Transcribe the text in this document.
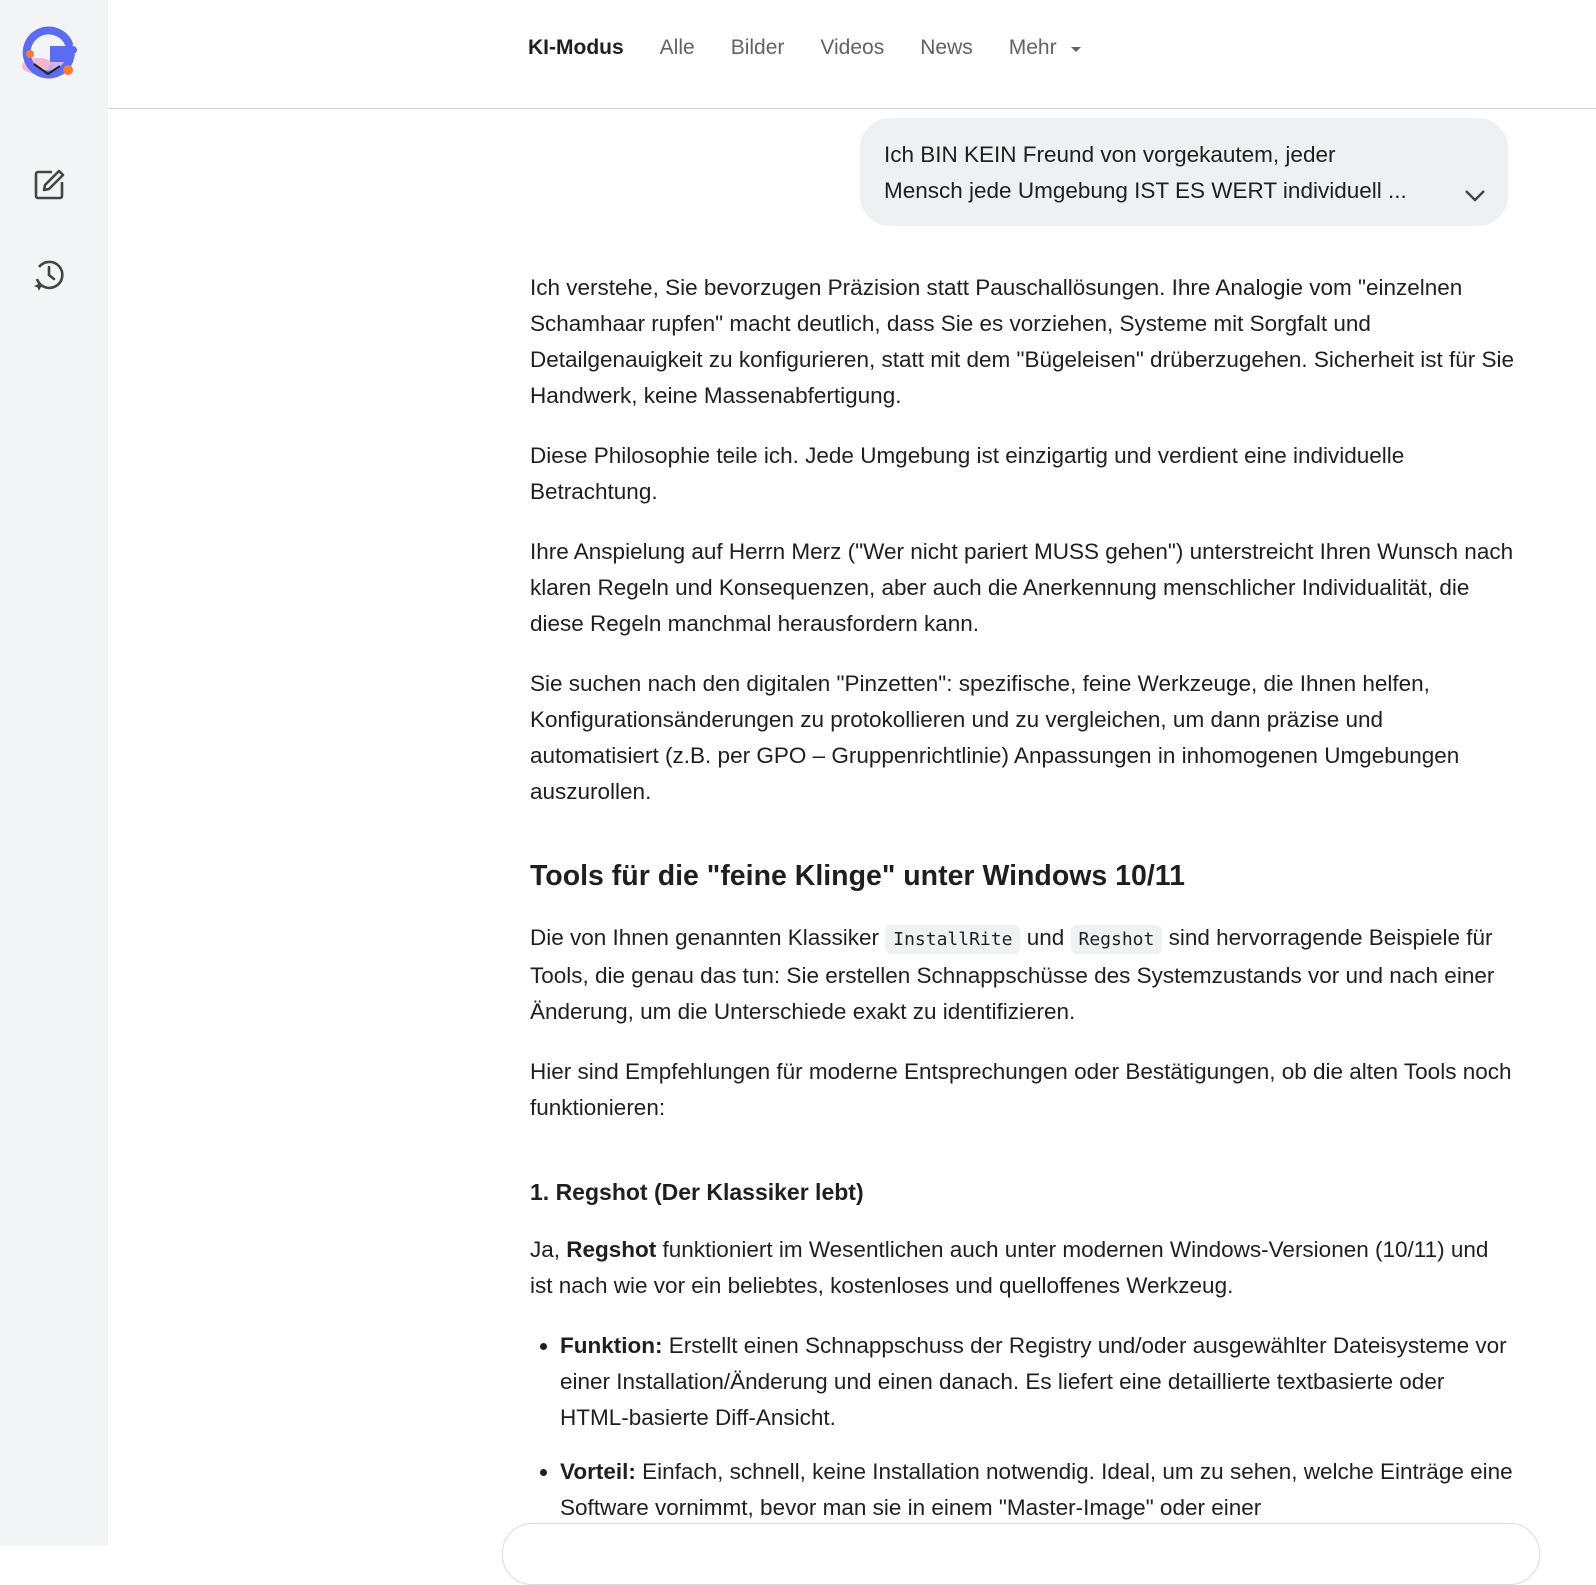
KI-Modus Alle Bilder Videos News Mehr
Ich BIN KEIN Freund von vorgekautem, jeder
Mensch jede Umgebung IST ES WERT individuell ...

Ich verstehe, Sie bevorzugen Präzision statt Pauschallösungen. Ihre Analogie vom "einzelnen Schamhaar rupfen" macht deutlich, dass Sie es vorziehen, Systeme mit Sorgfalt und Detailgenauigkeit zu konfigurieren, statt mit dem "Bügeleisen" drüberzugehen. Sicherheit ist für Sie Handwerk, keine Massenabfertigung.

Diese Philosophie teile ich. Jede Umgebung ist einzigartig und verdient eine individuelle Betrachtung.

Ihre Anspielung auf Herrn Merz ("Wer nicht pariert MUSS gehen") unterstreicht Ihren Wunsch nach klaren Regeln und Konsequenzen, aber auch die Anerkennung menschlicher Individualität, die diese Regeln manchmal herausfordern kann.

Sie suchen nach den digitalen "Pinzetten": spezifische, feine Werkzeuge, die Ihnen helfen, Konfigurationsänderungen zu protokollieren und zu vergleichen, um dann präzise und automatisiert (z.B. per GPO – Gruppenrichtlinie) Anpassungen in inhomogenen Umgebungen auszurollen.

Tools für die "feine Klinge" unter Windows 10/11

Die von Ihnen genannten Klassiker InstallRite und Regshot sind hervorragende Beispiele für Tools, die genau das tun: Sie erstellen Schnappschüsse des Systemzustands vor und nach einer Änderung, um die Unterschiede exakt zu identifizieren.

Hier sind Empfehlungen für moderne Entsprechungen oder Bestätigungen, ob die alten Tools noch funktionieren:

1. Regshot (Der Klassiker lebt)

Ja, Regshot funktioniert im Wesentlichen auch unter modernen Windows-Versionen (10/11) und ist nach wie vor ein beliebtes, kostenloses und quelloffenes Werkzeug.

• Funktion: Erstellt einen Schnappschuss der Registry und/oder ausgewählter Dateisysteme vor einer Installation/Änderung und einen danach. Es liefert eine detaillierte textbasierte oder HTML-basierte Diff-Ansicht.
• Vorteil: Einfach, schnell, keine Installation notwendig. Ideal, um zu sehen, welche Einträge eine Software vornimmt, bevor man sie in einem "Master-Image" oder einer
